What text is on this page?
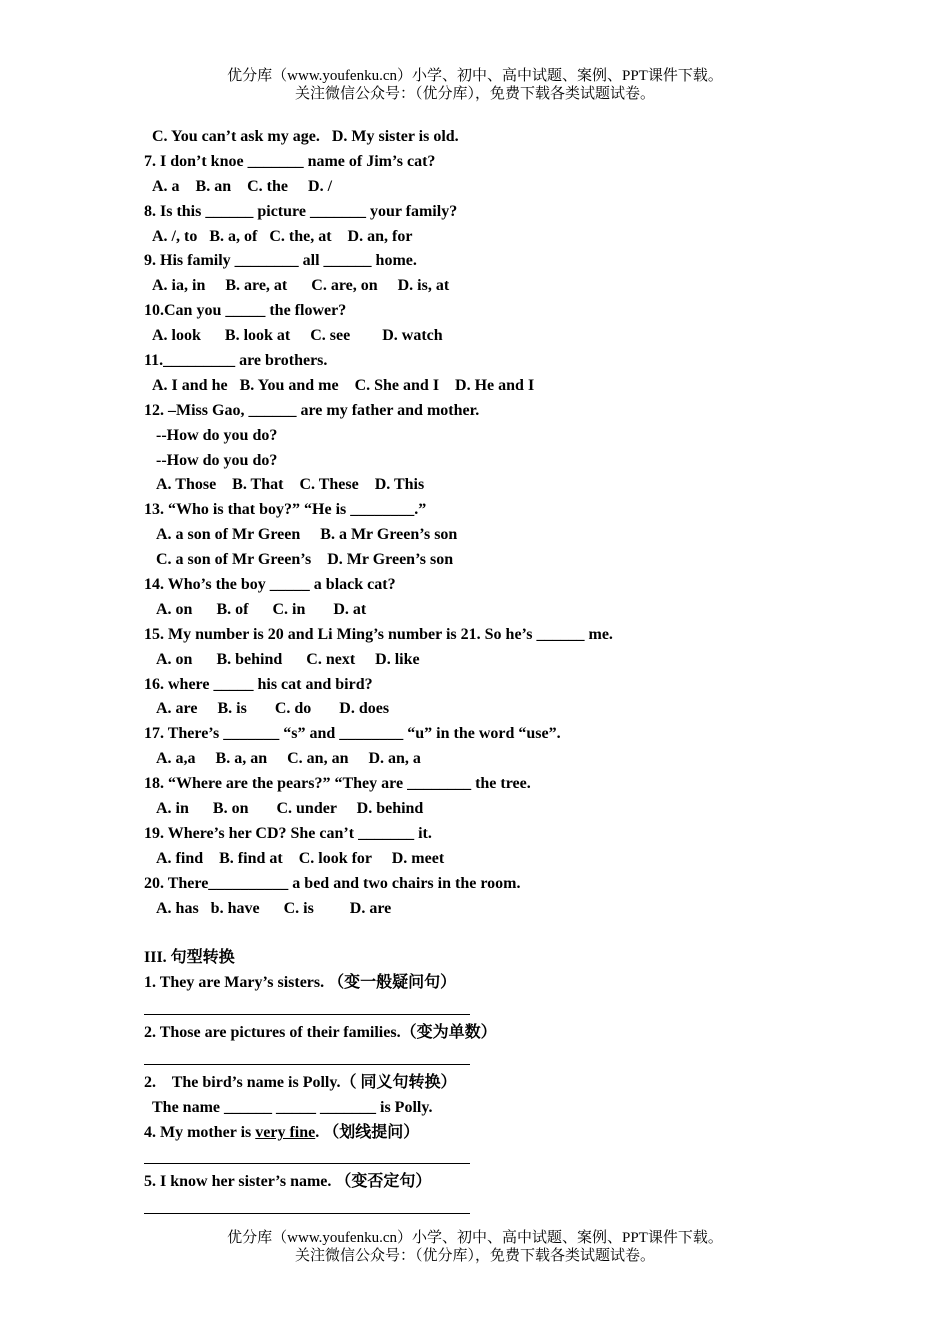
优分库（www.youfenku.cn）小学、初中、高中试题、案例、PPT课件下载。
关注微信公众号：（优分库），免费下载各类试题试卷。
C. You can’t ask my age.   D. My sister is old.
7. I don’t knoe _______ name of Jim’s cat?
A. a    B. an    C. the     D. /
8. Is this ______ picture _______ your family?
A. /, to   B. a, of   C. the, at    D. an, for
9. His family ________ all ______ home.
A. ia, in     B. are, at      C. are, on     D. is, at
10.Can you _____ the flower?
A. look      B. look at     C. see        D. watch
11._________ are brothers.
A. I and he   B. You and me    C. She and I    D. He and I
12. –Miss Gao, ______ are my father and mother.
--How do you do?
--How do you do?
A. Those    B. That    C. These    D. This
13. “Who is that boy?” “He is ________.”
A. a son of Mr Green     B. a Mr Green’s son
C. a son of Mr Green’s    D. Mr Green’s son
14. Who’s the boy _____ a black cat?
A. on      B. of      C. in       D. at
15. My number is 20 and Li Ming’s number is 21. So he’s ______ me.
A. on      B. behind      C. next     D. like
16. where _____ his cat and bird?
A. are     B. is       C. do       D. does
17. There’s _______ “s” and ________ “u” in the word “use”.
A. a,a     B. a, an     C. an, an     D. an, a
18. “Where are the pears?” “They are ________ the tree.
A. in      B. on       C. under     D. behind
19. Where’s her CD? She can’t _______ it.
A. find    B. find at    C. look for     D. meet
20. There__________ a bed and two chairs in the room.
A. has   b. have      C. is         D. are
III. 句型转换
1. They are Mary’s sisters. （变一般疑问句）
2. Those are pictures of their families.（变为单数）
2.    The bird’s name is Polly.（ 同义句转换）
The name ______ _____ _______ is Polly.
4. My mother is very fine. （划线提问）
5. I know her sister’s name. （变否定句）
优分库（www.youfenku.cn）小学、初中、高中试题、案例、PPT课件下载。
关注微信公众号：（优分库），免费下载各类试题试卷。
